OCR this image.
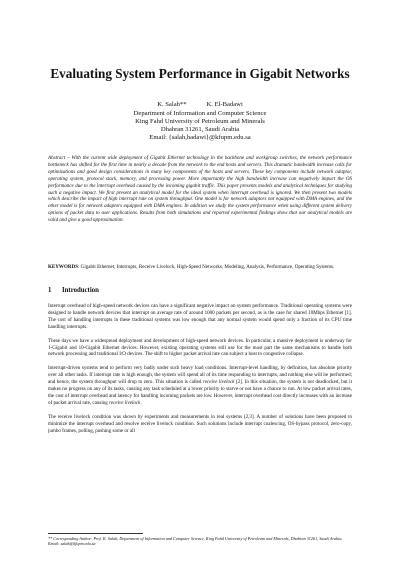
Evaluating System Performance in Gigabit Networks
K. Salah**	K. El-Badawi
Department of Information and Computer Science
King Fahd University of Petroleum and Minerals
Dhahran 31261, Saudi Arabia
Email: {salah,badawi}@kfupm.edu.sa
Abstract – With the current wide deployment of Gigabit Ethernet technology in the backbone and workgroup switches, the network performance bottleneck has shifted for the first time in nearly a decade from the network to the end hosts and servers. This dramatic bandwidth increase calls for optimizations and good design considerations in many key components of the hosts and servers. These key components include network adaptor, operating system, protocol stack, memory, and processing power. More importantly the high bandwidth increase can negatively impact the OS performance due to the interrupt overhead caused by the incoming gigabit traffic. This paper presents models and analytical techniques for studying such a negative impact. We first present an analytical model for the ideal system when interrupt overhead is ignored. We then present two models which describe the impact of high interrupt rate on system throughput. One model is for network adaptors not equipped with DMA engines, and the other model is for network adaptors equipped with DMA engines. In addition we study the system performance when using different system delivery options of packet data to user applications. Results from both simulations and reported experimental findings show that our analytical models are valid and give a good approximation.
KEYWORDS: Gigabit Ethernet, Interrupts, Receive Livelock, High-Speed Networks, Modeling, Analysis, Performance, Operating Systems.
1 Introduction

Interrupt overhead of high-speed network devices can have a significant negative impact on system performance. Traditional operating systems were designed to handle network devices that interrupt on average rate of around 1000 packets per second, as is the case for shared 10Mbps Ethernet [1]. The cost of handling interrupts in these traditional systems was low enough that any normal system would spend only a fraction of its CPU time handling interrupts.

These days we have a widespread deployment and development of high-speed network devices. In particular, a massive deployment is underway for 1-Gigabit and 10-Gigabit Ethernet devices. However, existing operating systems still use for the most part the same mechanisms to handle both network processing and traditional I/O devices. The shift to higher packet arrival rate can subject a host to congestive collapse.

Interrupt-driven systems tend to perform very badly under such heavy load conditions. Interrupt-level handling, by definition, has absolute priority over all other tasks. If interrupt rate is high enough, the system will spend all of its time responding to interrupts, and nothing else will be performed; and hence, the system throughput will drop to zero. This situation is called receive livelock [2]. In this situation, the system is not deadlocked, but it makes no progress on any of its tasks, causing any task scheduled at a lower priority to starve or not have a chance to run. At low packet arrival rates, the cost of interrupt overhead and latency for handling incoming packets are low. However, interrupt overhead cost directly increases with an increase of packet arrival rate, causing receive livelock.

The receive livelock condition was shown by experiments and measurements in real systems [2,3]. A number of solutions have been proposed to minimize the interrupt overhead and resolve receive livelock condition. Such solutions include interrupt coalescing, OS-bypass protocol, zero-copy, jumbo frames, polling, pushing some or all

** Corresponding Author: Prof. K. Salah, Department of Information and Computer Science, King Fahd University of Petroleum and Minerals, Dhahran 31261, Saudi Arabia. Email: salah@kfupm.edu.sa
